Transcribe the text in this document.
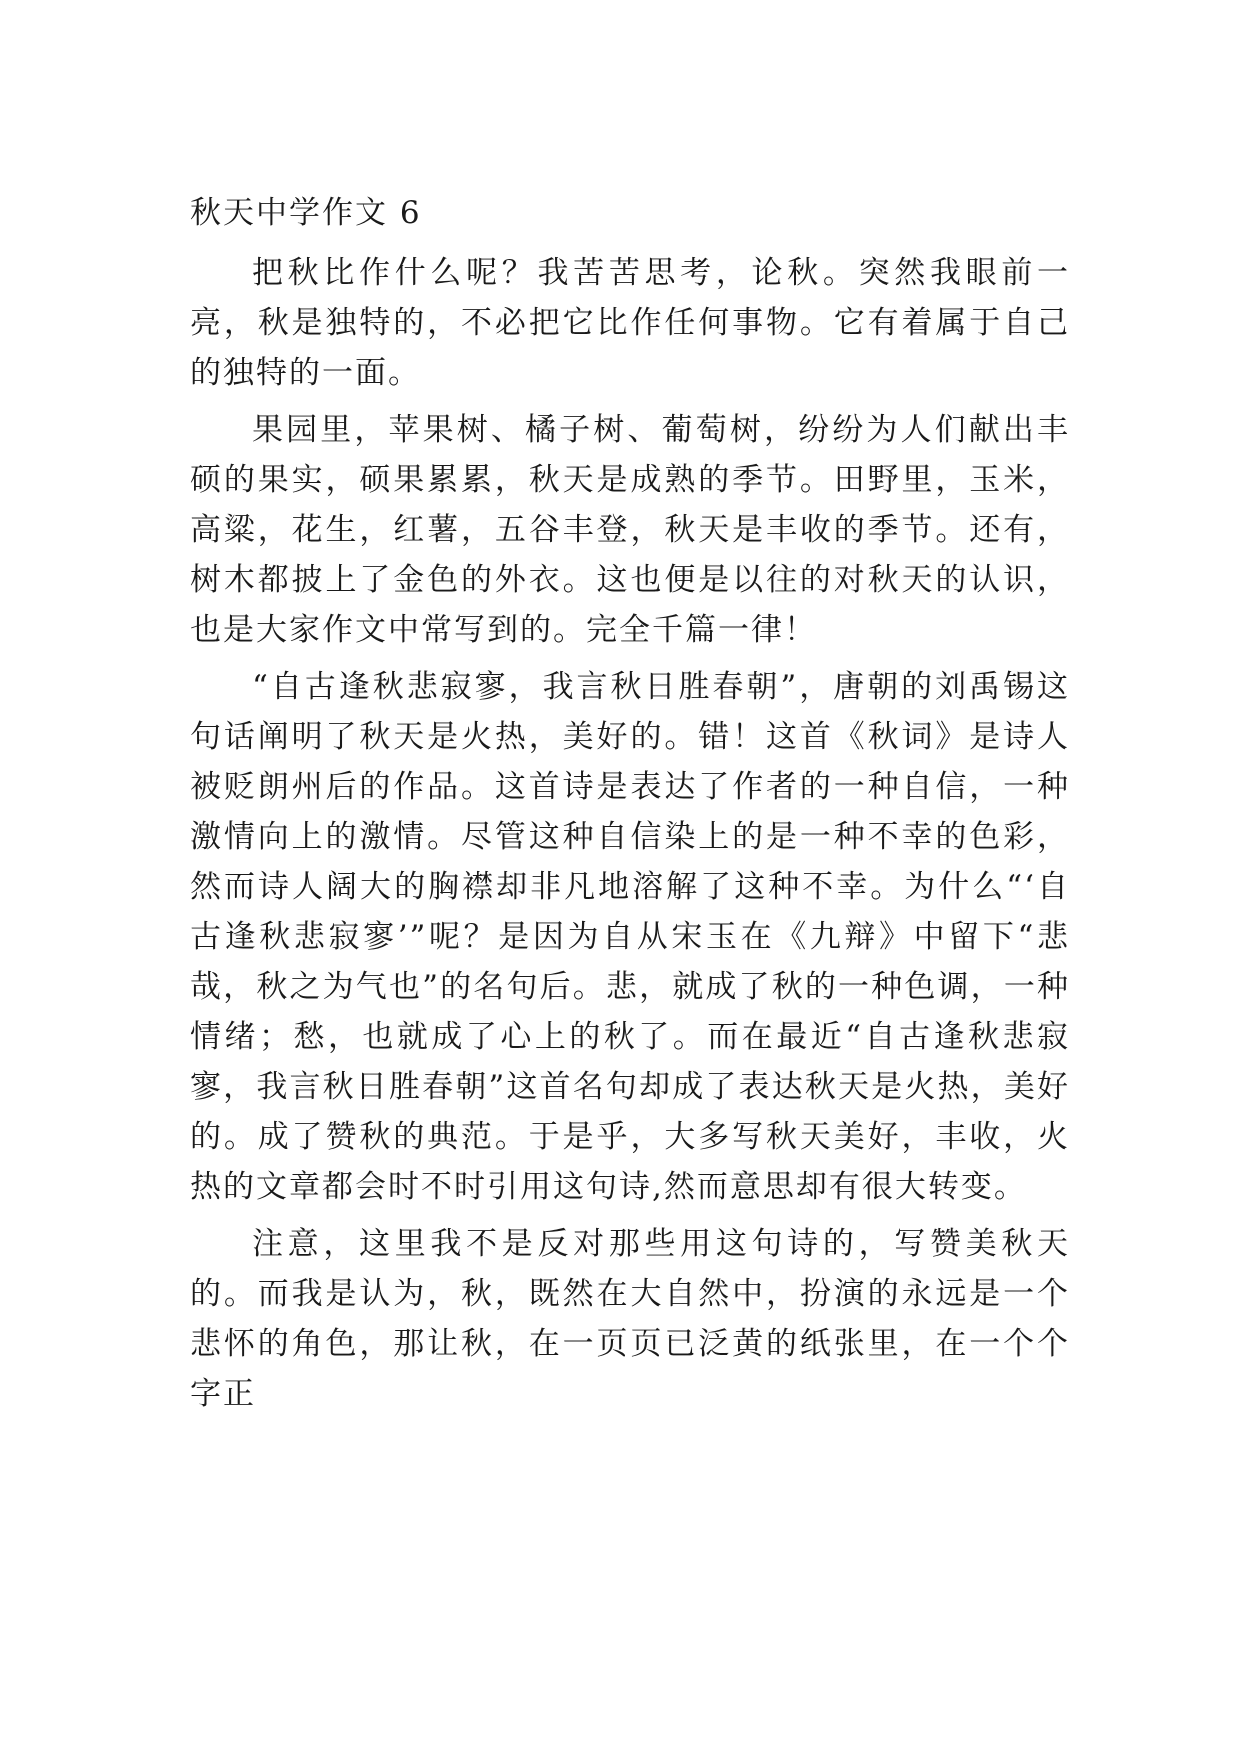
秋天中学作文 6

把秋比作什么呢？我苦苦思考，论秋。突然我眼前一亮，秋是独特的，不必把它比作任何事物。它有着属于自己的独特的一面。

果园里，苹果树、橘子树、葡萄树，纷纷为人们献出丰硕的果实，硕果累累，秋天是成熟的季节。田野里，玉米，高粱，花生，红薯，五谷丰登，秋天是丰收的季节。还有，树木都披上了金色的外衣。这也便是以往的对秋天的认识，也是大家作文中常写到的。完全千篇一律！

“自古逢秋悲寂寥，我言秋日胜春朝”，唐朝的刘禹锡这句话阐明了秋天是火热，美好的。错！这首《秋词》是诗人被贬朗州后的作品。这首诗是表达了作者的一种自信，一种激情向上的激情。尽管这种自信染上的是一种不幸的色彩，然而诗人阔大的胸襟却非凡地溶解了这种不幸。为什么“‘自古逢秋悲寂寥’”呢？是因为自从宋玉在《九辩》中留下“悲哉，秋之为气也”的名句后。悲，就成了秋的一种色调，一种情绪；愁，也就成了心上的秋了。而在最近“自古逢秋悲寂寥，我言秋日胜春朝”这首名句却成了表达秋天是火热，美好的。成了赞秋的典范。于是乎，大多写秋天美好，丰收，火热的文章都会时不时引用这句诗,然而意思却有很大转变。

注意，这里我不是反对那些用这句诗的，写赞美秋天的。而我是认为，秋，既然在大自然中，扮演的永远是一个悲怀的角色，那让秋，在一页页已泛黄的纸张里，在一个个字正
